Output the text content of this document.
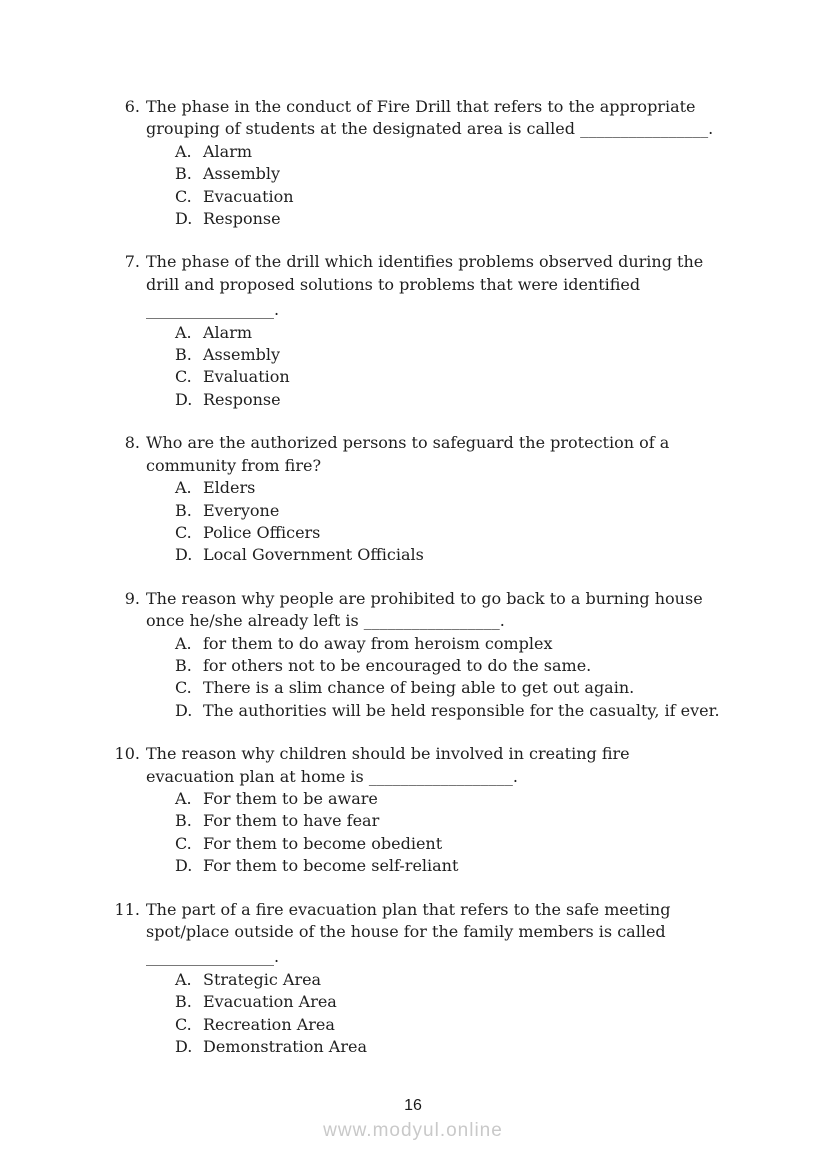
6. The phase in the conduct of Fire Drill that refers to the appropriate
grouping of students at the designated area is called ________________.
A. Alarm
B. Assembly
C. Evacuation
D. Response
7. The phase of the drill which identifies problems observed during the
drill and proposed solutions to problems that were identified
________________.
A. Alarm
B. Assembly
C. Evaluation
D. Response
8. Who are the authorized persons to safeguard the protection of a
community from fire?
A. Elders
B. Everyone
C. Police Officers
D. Local Government Officials
9. The reason why people are prohibited to go back to a burning house
once he/she already left is _________________.
A. for them to do away from heroism complex
B. for others not to be encouraged to do the same.
C. There is a slim chance of being able to get out again.
D. The authorities will be held responsible for the casualty, if ever.
10. The reason why children should be involved in creating fire
evacuation plan at home is __________________.
A. For them to be aware
B. For them to have fear
C. For them to become obedient
D. For them to become self-reliant
11. The part of a fire evacuation plan that refers to the safe meeting
spot/place outside of the house for the family members is called
________________.
A. Strategic Area
B. Evacuation Area
C. Recreation Area
D. Demonstration Area
16
www.modyul.online
